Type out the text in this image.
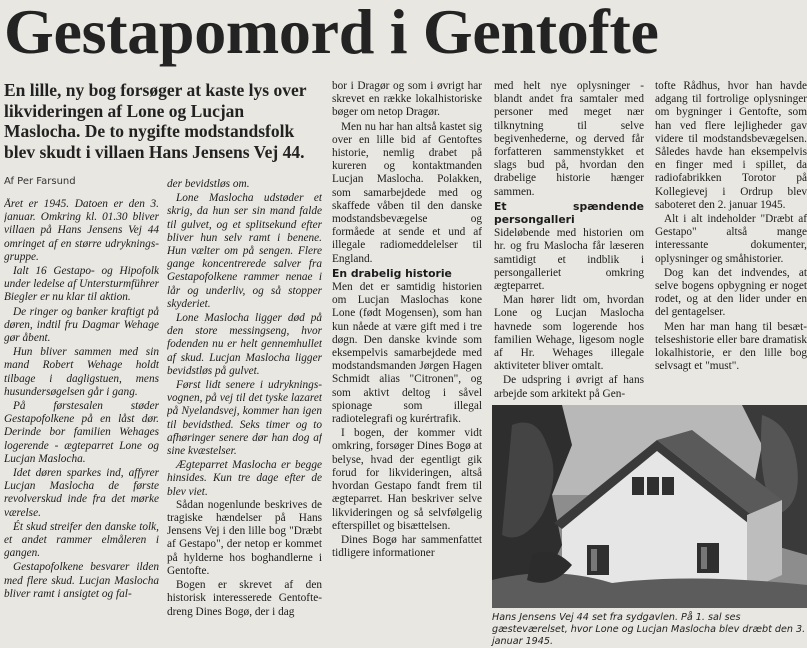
Gestapomord i Gentofte
En lille, ny bog forsøger at kaste lys over likvideringen af Lone og Lucjan Maslocha. De to nygifte modstandsfolk blev skudt i villaen Hans Jensens Vej 44.
Af Per Farsund

Året er 1945. Datoen er den 3. januar. Omkring kl. 01.30 bliver villaen på Hans Jensens Vej 44 omringet af en større udrykningsgruppe.

Ialt 16 Gestapo- og Hipofolk under ledelse af Untersturmführer Biegler er nu klar til aktion.

De ringer og banker kraftigt på døren, indtil fru Dagmar Wehage gør åbent.

Hun bliver sammen med sin mand Robert Wehage holdt tilbage i dagligstuen, mens husundersøgelsen går i gang.

På førstesalen støder Gestapofolkene på en låst dør. Derinde bor familien Wehages logerende - ægteparret Lone og Lucjan Maslocha.

Idet døren sparkes ind, affyrer Lucjan Maslocha de første revolverskud inde fra det mørke værelse.

Ét skud streifer den danske tolk, et andet rammer elmåleren i gangen.

Gestapofolkene besvarer ilden med flere skud. Lucjan Maslocha bliver ramt i ansigtet og fal-

der bevidstløs om.

Lone Maslocha udstøder et skrig, da hun ser sin mand falde til gulvet, og et splitsekund efter bliver hun selv ramt i benene. Hun vælter om på sengen. Flere gange koncentrerede salver fra Gestapofolkene rammer nenae i lår og underliv, og så stopper skyderiet.

Lone Maslocha ligger død på den store messingseng, hvor fodenden nu er helt gennemhullet af skud. Lucjan Maslocha ligger bevidstløs på gulvet.

Først lidt senere i udrykningsvognen, på vej til det tyske lazaret på Nyelandsvej, kommer han igen til bevidsthed. Seks timer og to afhøringer senere dør han dog af sine kvæstelser.

Ægteparret Maslocha er begge hinsides. Kun tre dage efter de blev viet.

Sådan nogenlunde beskrives de tragiske hændelser på Hans Jensens Vej i den lille bog "Dræbt af Gestapo", der netop er kommet på hylderne hos boghandlerne i Gentofte.

Bogen er skrevet af den historisk interesserede Gentoftedreng Dines Bogø, der i dag

bor i Dragør og som i øvrigt har skrevet en række lokalhistoriske bøger om netop Dragør.

Men nu har han altså kastet sig over en lille bid af Gentoftes historie, nemlig drabet på kureren og kontaktmanden Lucjan Maslocha. Polakken, som samarbejdede med og skaffede våben til den danske modstandsbevægelse og formåede at sende et und af illegale radiomeddelelser til England.

En drabelig historie

Men det er samtidig historien om Lucjan Maslochas kone Lone (født Mogensen), som han kun nåede at være gift med i tre døgn. Den danske kvinde som eksempelvis samarbejdede med modstandsmanden Jørgen Hagen Schmidt alias "Citronen", og som aktivt deltog i såvel spionage som illegal radiotelegrafi og kurértrafik.

I bogen, der kommer vidt omkring, forsøger Dines Bogø at belyse, hvad der egentligt gik forud for likvideringen, altså hvordan Gestapo fandt frem til ægteparret. Han beskriver selve likvideringen og så selvfølgelig efterspillet og bisættelsen.

Dines Bogø har sammenfattet tidligere informationer

med helt nye oplysninger - blandt andet fra samtaler med personer med meget nær tilknytning til selve begivenhederne, og derved får forfatteren sammenstykket et slags bud på, hvordan den drabelige historie hænger sammen.

Et spændende persongalleri

Sideløbende med historien om hr. og fru Maslocha får læseren samtidigt et indblik i persongalleriet omkring ægteparret.

Man hører lidt om, hvordan Lone og Lucjan Maslocha havnede som logerende hos familien Wehage, ligesom nogle af Hr. Wehages illegale aktiviteter bliver omtalt.

De udspring i øvrigt af hans arbejde som arkitekt på Gen-

tofte Rådhus, hvor han havde adgang til fortrolige oplysninger om bygninger i Gentofte, som han ved flere lejligheder gav videre til modstandsbevægelsen. Således havde han eksempelvis en finger med i spillet, da radiofabrikken Torotor på Kollegievej i Ordrup blev saboteret den 2. januar 1945.

Alt i alt indeholder "Dræbt af Gestapo" altså mange interessante dokumenter, oplysninger og småhistorier.

Dog kan det indvendes, at selve bogens opbygning er noget rodet, og at den lider under en del gentagelser.

Men har man hang til besættelseshistorie eller bare dramatisk lokalhistorie, er den lille bog selvsagt et "must".

Hans Jensens Vej 44 set fra sydgavlen. På 1. sal ses gæsteværelset, hvor Lone og Lucjan Maslocha blev dræbt den 3. januar 1945.
